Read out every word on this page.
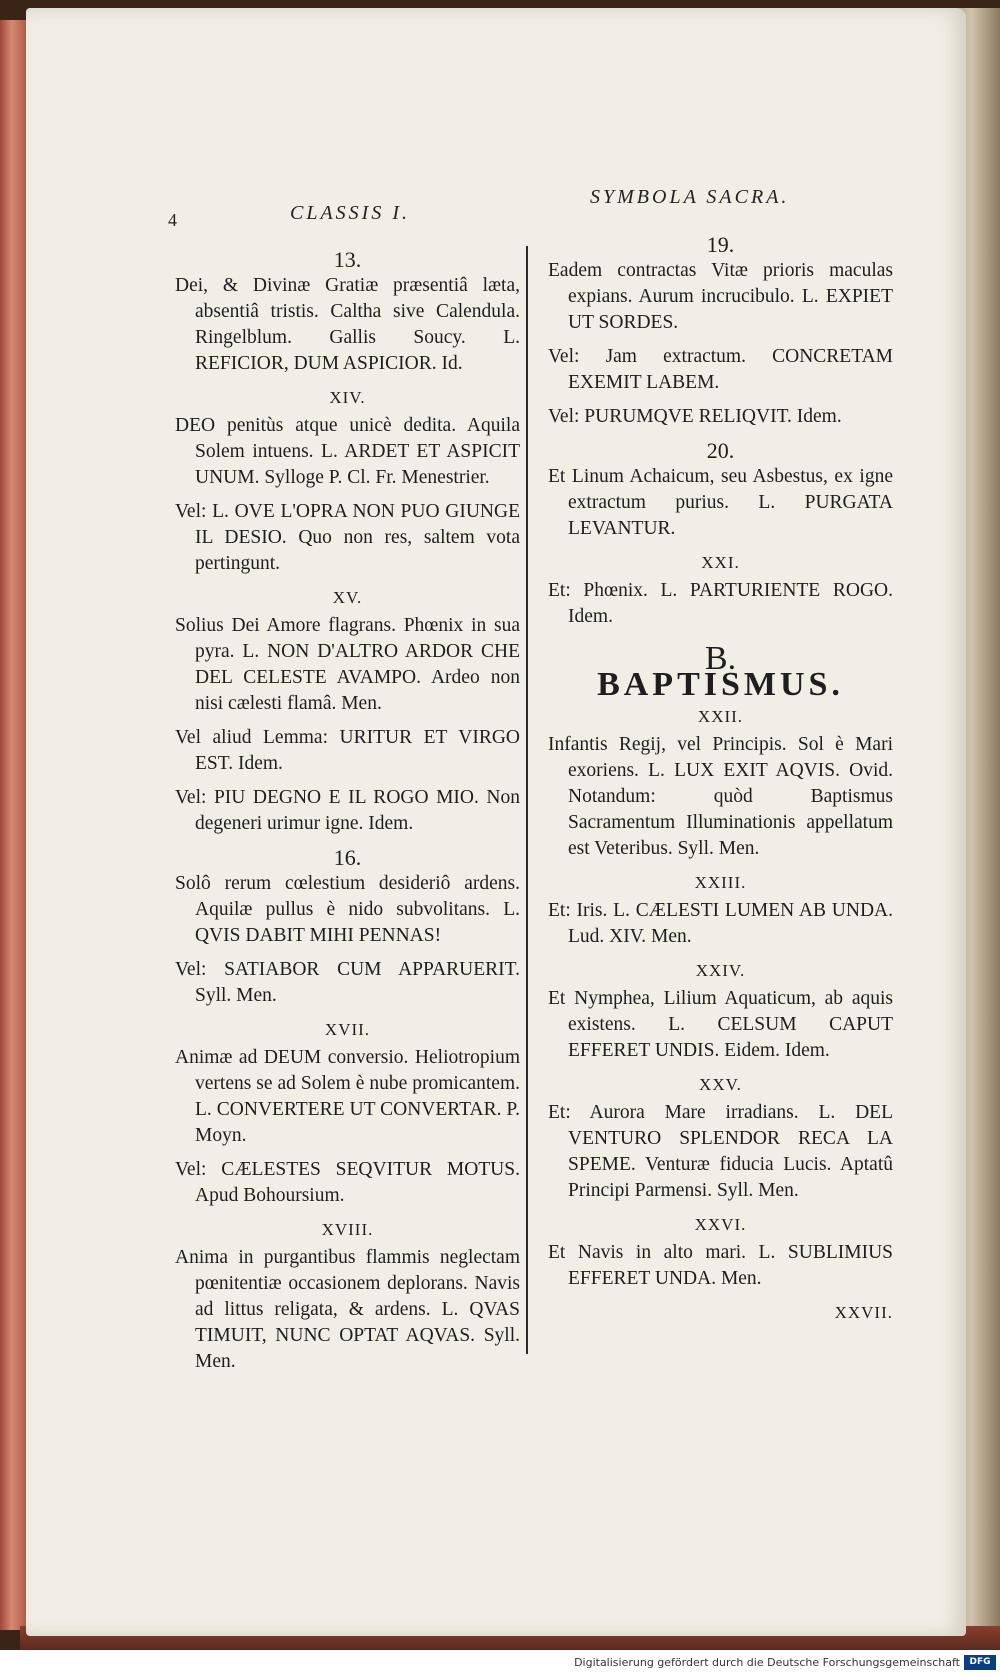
4	CLASSIS I.
SYMBOLA SACRA.
13.
Dei, & Divinæ Gratiæ præsentiâ læta, absentiâ tristis. Caltha sive Calendula. Ringelblum. Gallis Soucy. L. REFICIOR, DUM ASPICIOR. Id.
XIV.
DEO penitùs atque unicè dedita. Aquila Solem intuens. L. ARDET ET ASPICIT UNUM. Sylloge P. Cl. Fr. Menestrier.
Vel: L. OVE L'OPRA NON PUO GIUNGE IL DESIO. Quo non res, saltem vota pertingunt.
XV.
Solius Dei Amore flagrans. Phœnix in sua pyra. L. NON D'ALTRO ARDOR CHE DEL CELESTE AVAMPO. Ardeo non nisi cælesti flamâ. Men.
Vel aliud Lemma: URITUR ET VIRGO EST. Idem.
Vel: PIU DEGNO E IL ROGO MIO. Non degeneri urimur igne. Idem.
16.
Solô rerum cœlestium desideriô ardens. Aquilæ pullus è nido subvolitans. L. QVIS DABIT MIHI PENNAS!
Vel: SATIABOR CUM APPARUERIT. Syll. Men.
XVII.
Animæ ad DEUM conversio. Heliotropium vertens se ad Solem è nube promicantem. L. CONVERTERE UT CONVERTAR. P. Moyn.
Vel: CÆLESTES SEQVITUR MOTUS. Apud Bohoursium.
XVIII.
Anima in purgantibus flammis neglectam pœnitentiæ occasionem deplorans. Navis ad littus religata, & ardens. L. QVAS TIMUIT, NUNC OPTAT AQVAS. Syll. Men.
19.
Eadem contractas Vitæ prioris maculas expians. Aurum incrucibulo. L. EXPIET UT SORDES.
Vel: Jam extractum. CONCRETAM EXEMIT LABEM.
Vel: PURUMQVE RELIQVIT. Idem.
20.
Et Linum Achaicum, seu Asbestus, ex igne extractum purius. L. PURGATA LEVANTUR.
XXI.
Et: Phœnix. L. PARTURIENTE ROGO. Idem.
B.
BAPTISMUS.
XXII.
Infantis Regij, vel Principis. Sol è Mari exoriens. L. LUX EXIT AQVIS. Ovid. Notandum: quòd Baptismus Sacramentum Illuminationis appellatum est Veteribus. Syll. Men.
XXIII.
Et: Iris. L. CÆLESTI LUMEN AB UNDA. Lud. XIV. Men.
XXIV.
Et Nymphea, Lilium Aquaticum, ab aquis existens. L. CELSUM CAPUT EFFERET UNDIS. Eidem. Idem.
XXV.
Et: Aurora Mare irradians. L. DEL VENTURO SPLENDOR RECA LA SPEME. Venturæ fiducia Lucis. Aptatû Principi Parmensi. Syll. Men.
XXVI.
Et Navis in alto mari. L. SUBLIMIUS EFFERET UNDA. Men.
XXVII.
Digitalisierung gefördert durch die Deutsche Forschungsgemeinschaft	DFG
